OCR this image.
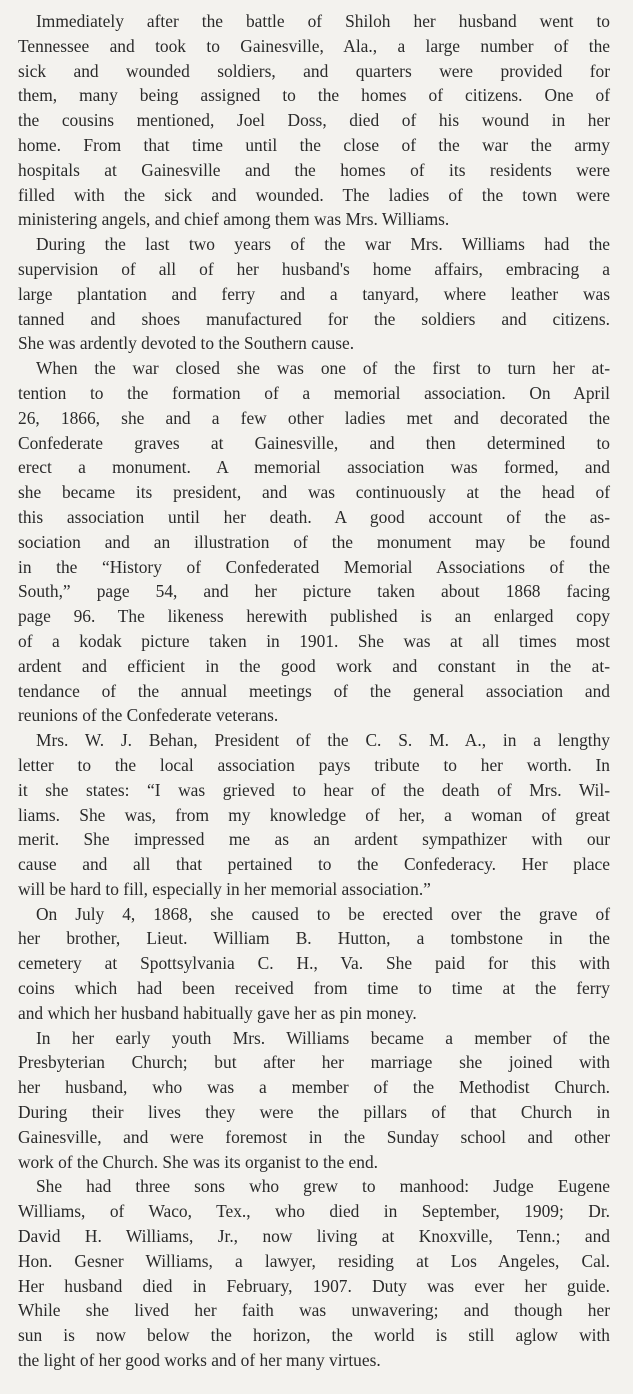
Immediately after the battle of Shiloh her husband went to
Tennessee and took to Gainesville, Ala., a large number of the
sick and wounded soldiers, and quarters were provided for
them, many being assigned to the homes of citizens. One of
the cousins mentioned, Joel Doss, died of his wound in her
home. From that time until the close of the war the army
hospitals at Gainesville and the homes of its residents were
filled with the sick and wounded. The ladies of the town were
ministering angels, and chief among them was Mrs. Williams.
During the last two years of the war Mrs. Williams had the
supervision of all of her husband's home affairs, embracing a
large plantation and ferry and a tanyard, where leather was
tanned and shoes manufactured for the soldiers and citizens.
She was ardently devoted to the Southern cause.
When the war closed she was one of the first to turn her at-
tention to the formation of a memorial association. On April
26, 1866, she and a few other ladies met and decorated the
Confederate graves at Gainesville, and then determined to
erect a monument. A memorial association was formed, and
she became its president, and was continuously at the head of
this association until her death. A good account of the as-
sociation and an illustration of the monument may be found
in the “History of Confederated Memorial Associations of the
South,” page 54, and her picture taken about 1868 facing
page 96. The likeness herewith published is an enlarged copy
of a kodak picture taken in 1901. She was at all times most
ardent and efficient in the good work and constant in the at-
tendance of the annual meetings of the general association and
reunions of the Confederate veterans.
Mrs. W. J. Behan, President of the C. S. M. A., in a lengthy
letter to the local association pays tribute to her worth. In
it she states: “I was grieved to hear of the death of Mrs. Wil-
liams. She was, from my knowledge of her, a woman of great
merit. She impressed me as an ardent sympathizer with our
cause and all that pertained to the Confederacy. Her place
will be hard to fill, especially in her memorial association.”
On July 4, 1868, she caused to be erected over the grave of
her brother, Lieut. William B. Hutton, a tombstone in the
cemetery at Spottsylvania C. H., Va. She paid for this with
coins which had been received from time to time at the ferry
and which her husband habitually gave her as pin money.
In her early youth Mrs. Williams became a member of the
Presbyterian Church; but after her marriage she joined with
her husband, who was a member of the Methodist Church.
During their lives they were the pillars of that Church in
Gainesville, and were foremost in the Sunday school and other
work of the Church. She was its organist to the end.
She had three sons who grew to manhood: Judge Eugene
Williams, of Waco, Tex., who died in September, 1909; Dr.
David H. Williams, Jr., now living at Knoxville, Tenn.; and
Hon. Gesner Williams, a lawyer, residing at Los Angeles, Cal.
Her husband died in February, 1907. Duty was ever her guide.
While she lived her faith was unwavering; and though her
sun is now below the horizon, the world is still aglow with
the light of her good works and of her many virtues.
